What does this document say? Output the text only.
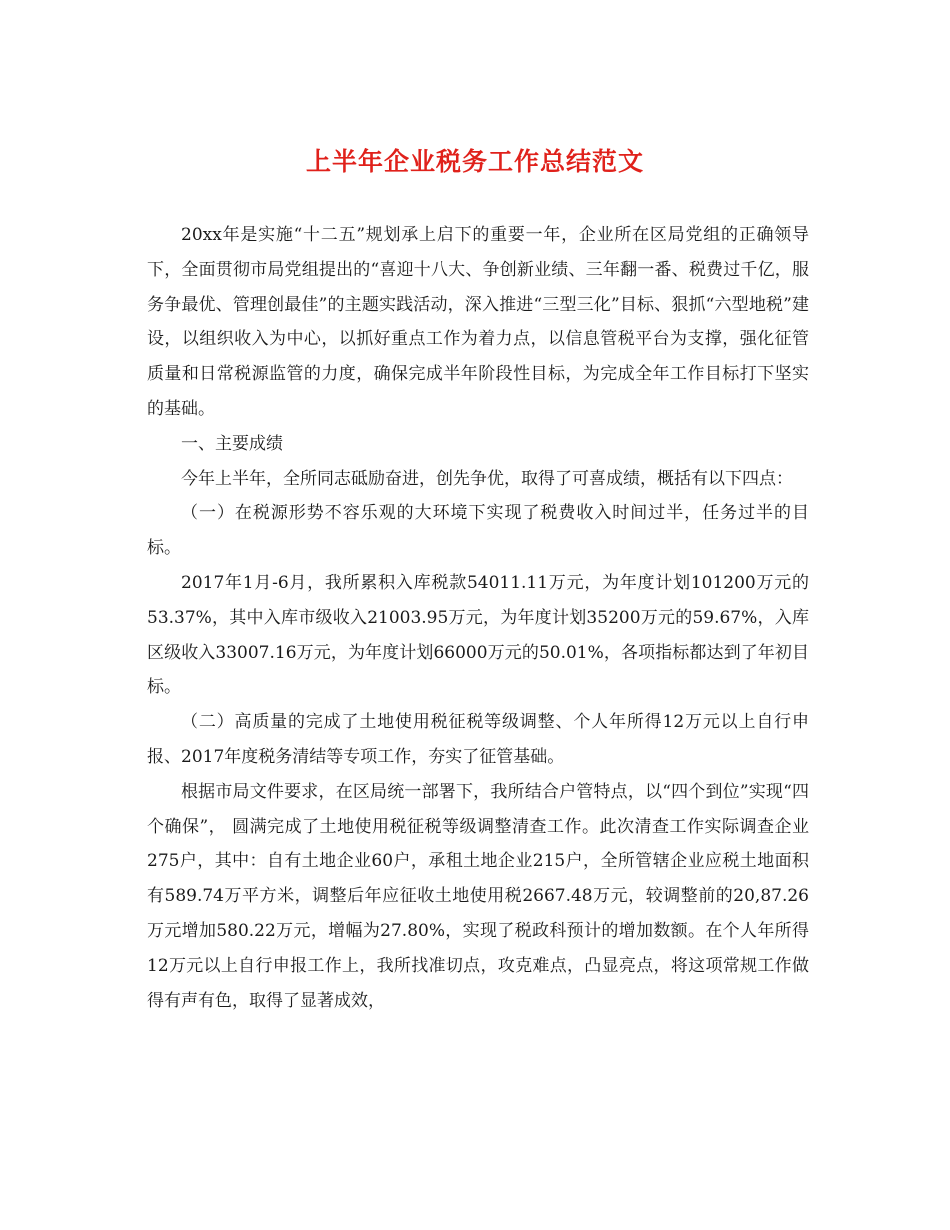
上半年企业税务工作总结范文

20xx年是实施“十二五”规划承上启下的重要一年，企业所在区局党组的正确领导下，全面贯彻市局党组提出的“喜迎十八大、争创新业绩、三年翻一番、税费过千亿，服务争最优、管理创最佳”的主题实践活动，深入推进“三型三化”目标、狠抓“六型地税”建设，以组织收入为中心，以抓好重点工作为着力点，以信息管税平台为支撑，强化征管质量和日常税源监管的力度，确保完成半年阶段性目标，为完成全年工作目标打下坚实的基础。

一、主要成绩

今年上半年，全所同志砥励奋进，创先争优，取得了可喜成绩，概括有以下四点：

（一）在税源形势不容乐观的大环境下实现了税费收入时间过半，任务过半的目标。

2017年1月-6月，我所累积入库税款54011.11万元，为年度计划101200万元的53.37%，其中入库市级收入21003.95万元，为年度计划35200万元的59.67%，入库区级收入33007.16万元，为年度计划66000万元的50.01%，各项指标都达到了年初目标。

（二）高质量的完成了土地使用税征税等级调整、个人年所得12万元以上自行申报、2017年度税务清结等专项工作，夯实了征管基础。

根据市局文件要求，在区局统一部署下，我所结合户管特点，以“四个到位”实现“四个确保”， 圆满完成了土地使用税征税等级调整清查工作。此次清查工作实际调查企业275户，其中：自有土地企业60户，承租土地企业215户，全所管辖企业应税土地面积有589.74万平方米，调整后年应征收土地使用税2667.48万元，较调整前的20,87.26万元增加580.22万元，增幅为27.80%，实现了税政科预计的增加数额。在个人年所得12万元以上自行申报工作上，我所找准切点，攻克难点，凸显亮点，将这项常规工作做得有声有色，取得了显著成效，
